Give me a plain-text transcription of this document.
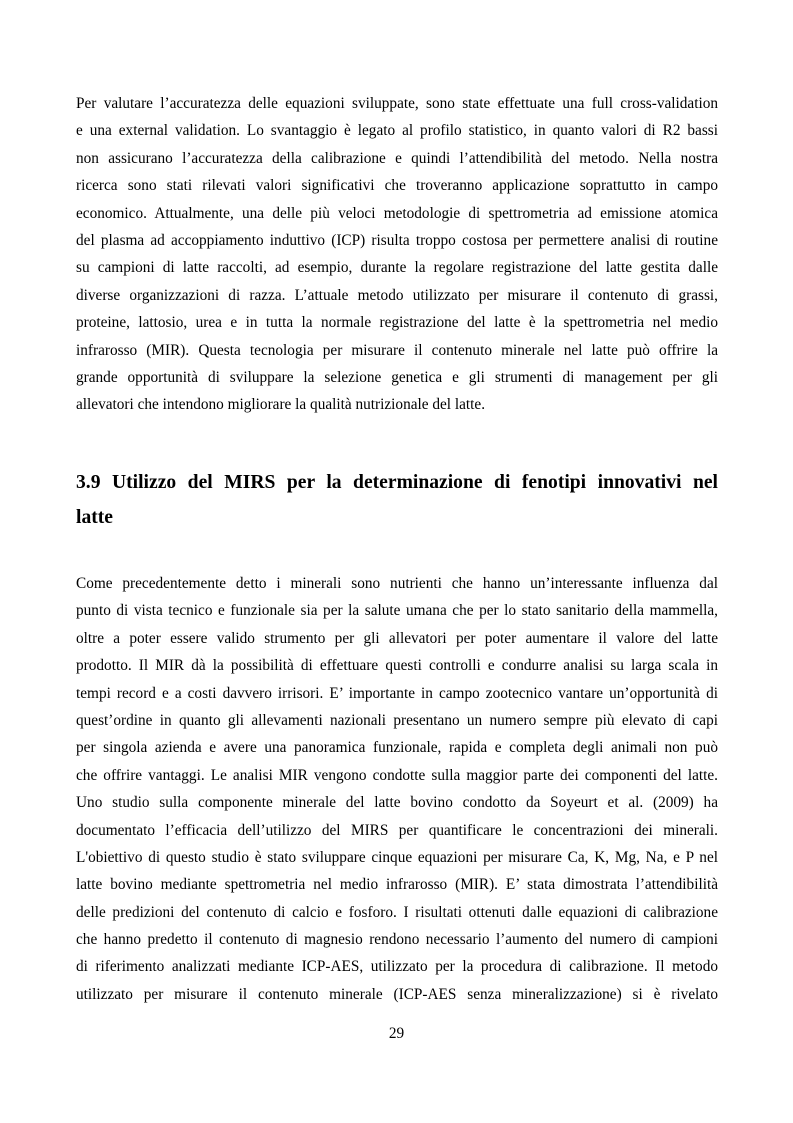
Per valutare l’accuratezza delle equazioni sviluppate, sono state effettuate una full cross-validation
e una external validation. Lo svantaggio è legato al profilo statistico, in quanto valori di R2 bassi
non assicurano l’accuratezza della calibrazione e quindi l’attendibilità del metodo. Nella nostra
ricerca sono stati rilevati valori significativi che troveranno applicazione soprattutto in campo
economico. Attualmente, una delle più veloci metodologie di spettrometria ad emissione atomica
del plasma ad accoppiamento induttivo (ICP) risulta troppo costosa per permettere analisi di routine
su campioni di latte raccolti, ad esempio, durante la regolare registrazione del latte gestita dalle
diverse organizzazioni di razza. L’attuale metodo utilizzato per misurare il contenuto di grassi,
proteine, lattosio, urea e in tutta la normale registrazione del latte è la spettrometria nel medio
infrarosso (MIR). Questa tecnologia per misurare il contenuto minerale nel latte può offrire la
grande opportunità di sviluppare la selezione genetica e gli strumenti di management per gli
allevatori che intendono migliorare la qualità nutrizionale del latte.

3.9 Utilizzo del MIRS per la determinazione di fenotipi innovativi nel
latte

Come precedentemente detto i minerali sono nutrienti che hanno un’interessante influenza dal
punto di vista tecnico e funzionale sia per la salute umana che per lo stato sanitario della mammella,
oltre a poter essere valido strumento per gli allevatori per poter aumentare il valore del latte
prodotto. Il MIR dà la possibilità di effettuare questi controlli e condurre analisi su larga scala in
tempi record e a costi davvero irrisori. E’ importante in campo zootecnico vantare un’opportunità di
quest’ordine in quanto gli allevamenti nazionali presentano un numero sempre più elevato di capi
per singola azienda e avere una panoramica funzionale, rapida e completa degli animali non può
che offrire vantaggi. Le analisi MIR vengono condotte sulla maggior parte dei componenti del latte.
Uno studio sulla componente minerale del latte bovino condotto da Soyeurt et al. (2009) ha
documentato l’efficacia dell’utilizzo del MIRS per quantificare le concentrazioni dei minerali.
L'obiettivo di questo studio è stato sviluppare cinque equazioni per misurare Ca, K, Mg, Na, e P nel
latte bovino mediante spettrometria nel medio infrarosso (MIR). E’ stata dimostrata l’attendibilità
delle predizioni del contenuto di calcio e fosforo. I risultati ottenuti dalle equazioni di calibrazione
che hanno predetto il contenuto di magnesio rendono necessario l’aumento del numero di campioni
di riferimento analizzati mediante ICP-AES, utilizzato per la procedura di calibrazione. Il metodo
utilizzato per misurare il contenuto minerale (ICP-AES senza mineralizzazione) si è rivelato

29
